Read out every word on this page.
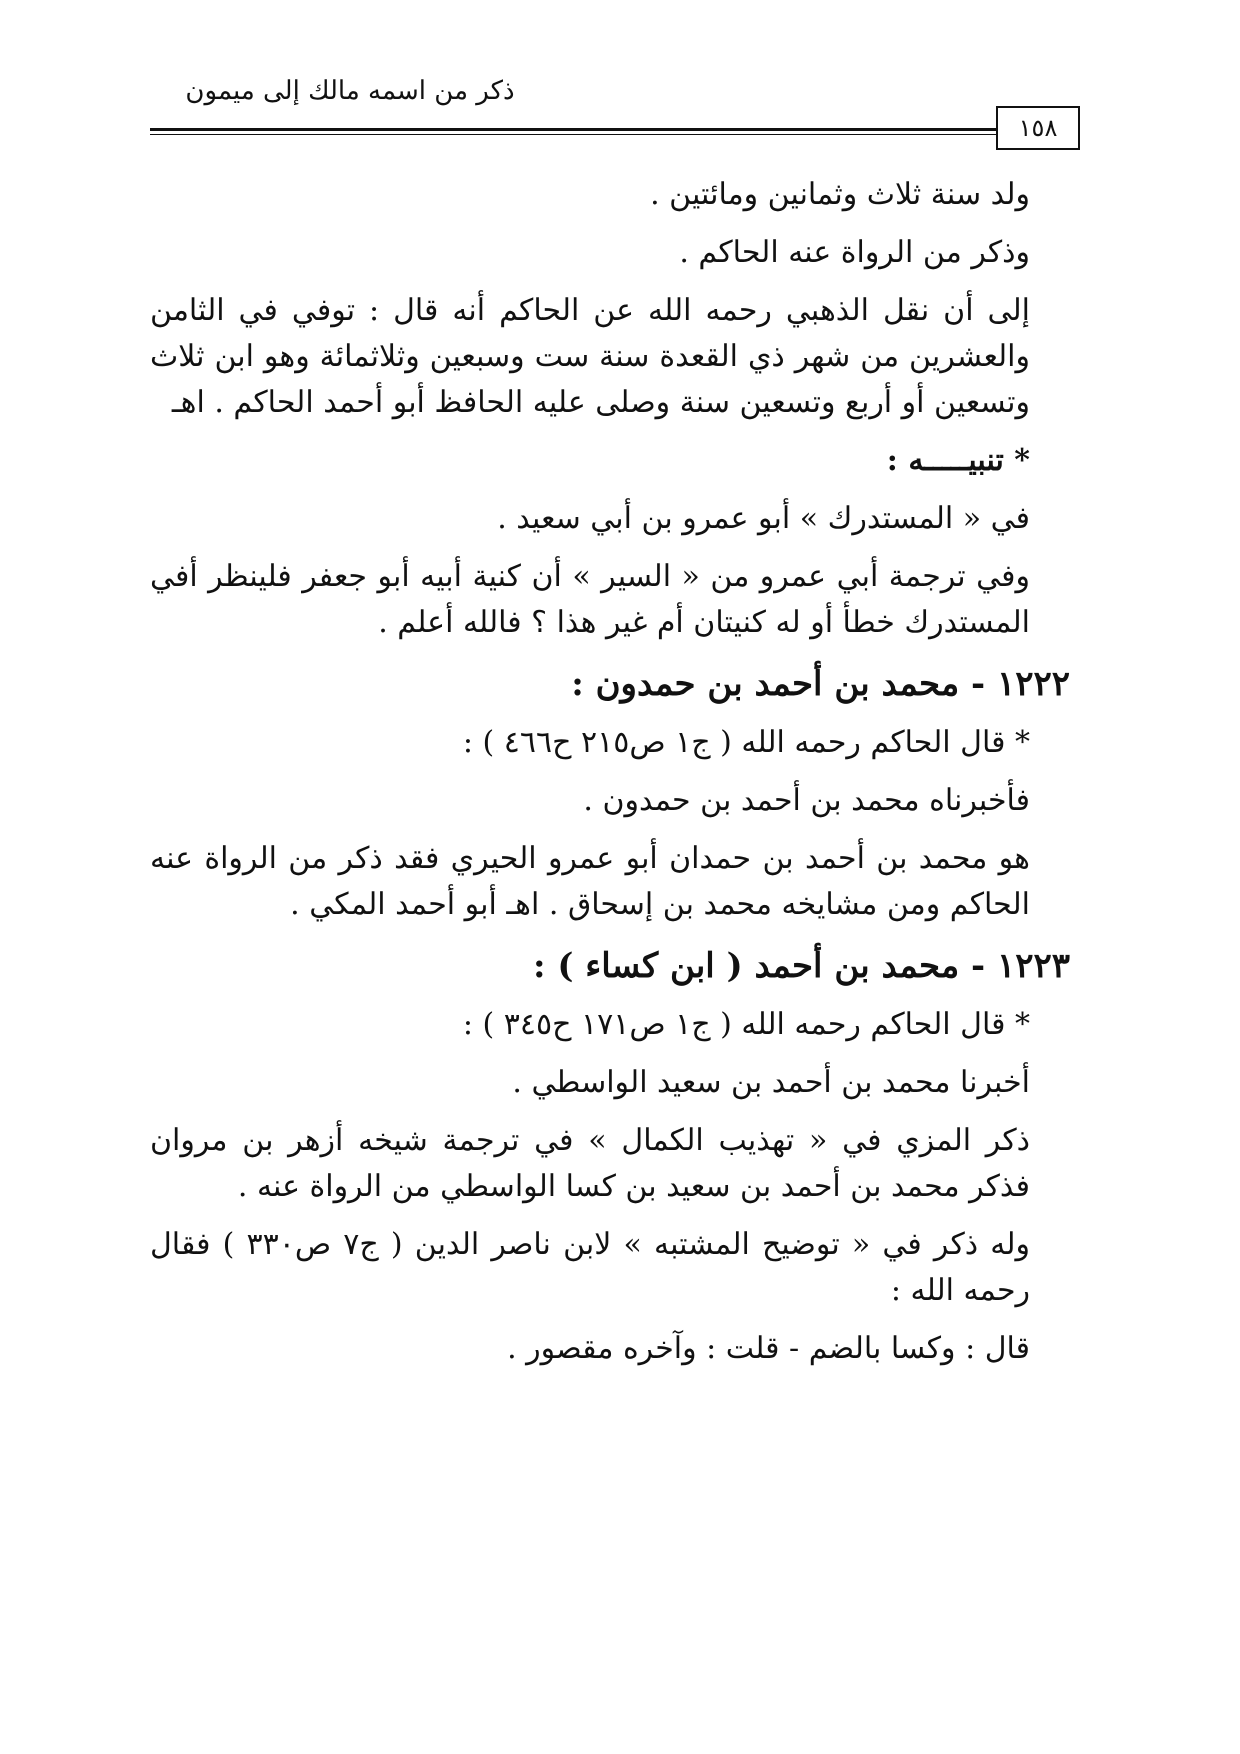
ذكر من اسمه مالك إلى ميمون
١٥٨

ولد سنة ثلاث وثمانين ومائتين .

وذكر من الرواة عنه الحاكم .

إلى أن نقل الذهبي رحمه الله عن الحاكم أنه قال : توفي في الثامن والعشرين من شهر ذي القعدة سنة ست وسبعين وثلاثمائة وهو ابن ثلاث وتسعين أو أربع وتسعين سنة وصلى عليه الحافظ أبو أحمد الحاكم . اهـ

* تنبيـــــه :

في « المستدرك » أبو عمرو بن أبي سعيد .

وفي ترجمة أبي عمرو من « السير » أن كنية أبيه أبو جعفر فلينظر أفي المستدرك خطأ أو له كنيتان أم غير هذا ؟ فالله أعلم .

١٢٢٢ - محمد بن أحمد بن حمدون :

* قال الحاكم رحمه الله ( ج١ ص٢١٥ ح٤٦٦ ) :

فأخبرناه محمد بن أحمد بن حمدون .

هو محمد بن أحمد بن حمدان أبو عمرو الحيري فقد ذكر من الرواة عنه الحاكم ومن مشايخه محمد بن إسحاق . اهـ أبو أحمد المكي .

١٢٢٣ - محمد بن أحمد ( ابن كساء ) :

* قال الحاكم رحمه الله ( ج١ ص١٧١ ح٣٤٥ ) :

أخبرنا محمد بن أحمد بن سعيد الواسطي .

ذكر المزي في « تهذيب الكمال » في ترجمة شيخه أزهر بن مروان فذكر محمد بن أحمد بن سعيد بن كسا الواسطي من الرواة عنه .

وله ذكر في « توضيح المشتبه » لابن ناصر الدين ( ج٧ ص٣٣٠ ) فقال رحمه الله :

قال : وكسا بالضم - قلت : وآخره مقصور .
